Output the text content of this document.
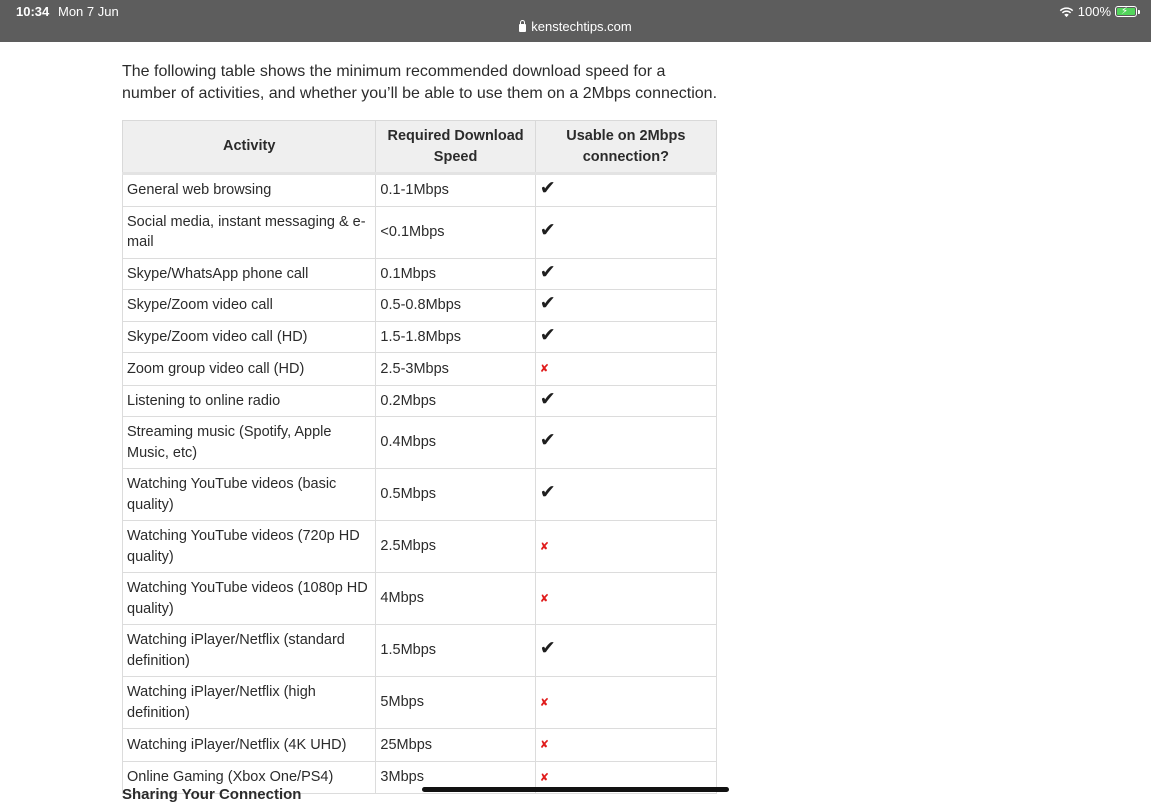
10:34 Mon 7 Jun	100% ⚡
kenstechtips.com

The following table shows the minimum recommended download speed for a number of activities, and whether you’ll be able to use them on a 2Mbps connection.

Activity	Required Download Speed	Usable on 2Mbps connection?
General web browsing	0.1-1Mbps	✔
Social media, instant messaging & e-mail	<0.1Mbps	✔
Skype/WhatsApp phone call	0.1Mbps	✔
Skype/Zoom video call	0.5-0.8Mbps	✔
Skype/Zoom video call (HD)	1.5-1.8Mbps	✔
Zoom group video call (HD)	2.5-3Mbps	✘
Listening to online radio	0.2Mbps	✔
Streaming music (Spotify, Apple Music, etc)	0.4Mbps	✔
Watching YouTube videos (basic quality)	0.5Mbps	✔
Watching YouTube videos (720p HD quality)	2.5Mbps	✘
Watching YouTube videos (1080p HD quality)	4Mbps	✘
Watching iPlayer/Netflix (standard definition)	1.5Mbps	✔
Watching iPlayer/Netflix (high definition)	5Mbps	✘
Watching iPlayer/Netflix (4K UHD)	25Mbps	✘
Online Gaming (Xbox One/PS4)	3Mbps	✘
Sharing Your Connection
